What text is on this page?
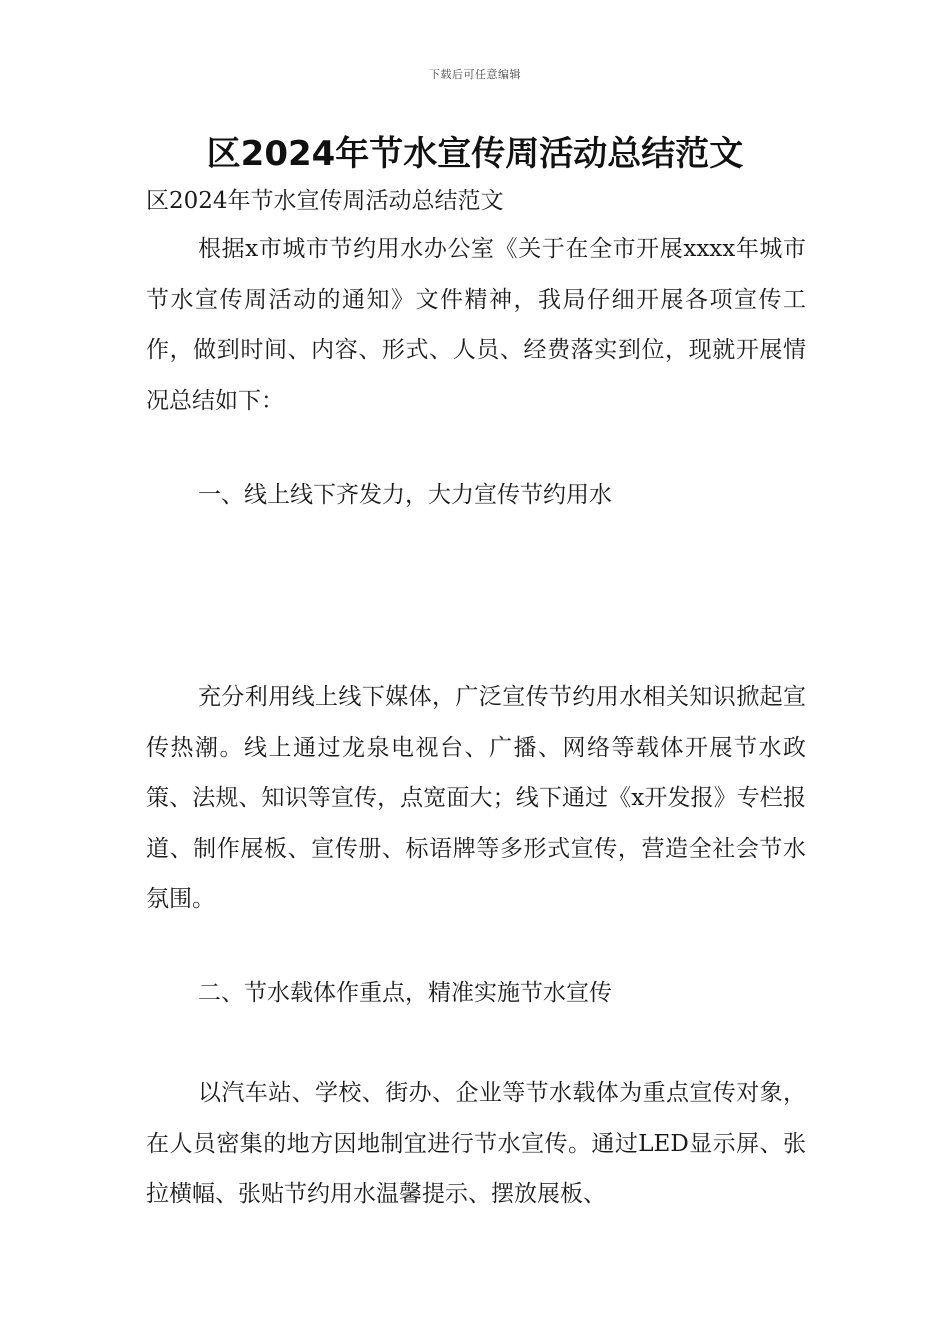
下载后可任意编辑
区2024年节水宣传周活动总结范文

区2024年节水宣传周活动总结范文

根据x市城市节约用水办公室《关于在全市开展xxxx年城市节水宣传周活动的通知》文件精神，我局仔细开展各项宣传工作，做到时间、内容、形式、人员、经费落实到位，现就开展情况总结如下：

一、线上线下齐发力，大力宣传节约用水

充分利用线上线下媒体，广泛宣传节约用水相关知识掀起宣传热潮。线上通过龙泉电视台、广播、网络等载体开展节水政策、法规、知识等宣传，点宽面大；线下通过《x开发报》专栏报道、制作展板、宣传册、标语牌等多形式宣传，营造全社会节水氛围。

二、节水载体作重点，精准实施节水宣传

以汽车站、学校、街办、企业等节水载体为重点宣传对象，在人员密集的地方因地制宜进行节水宣传。通过LED显示屏、张拉横幅、张贴节约用水温馨提示、摆放展板、
